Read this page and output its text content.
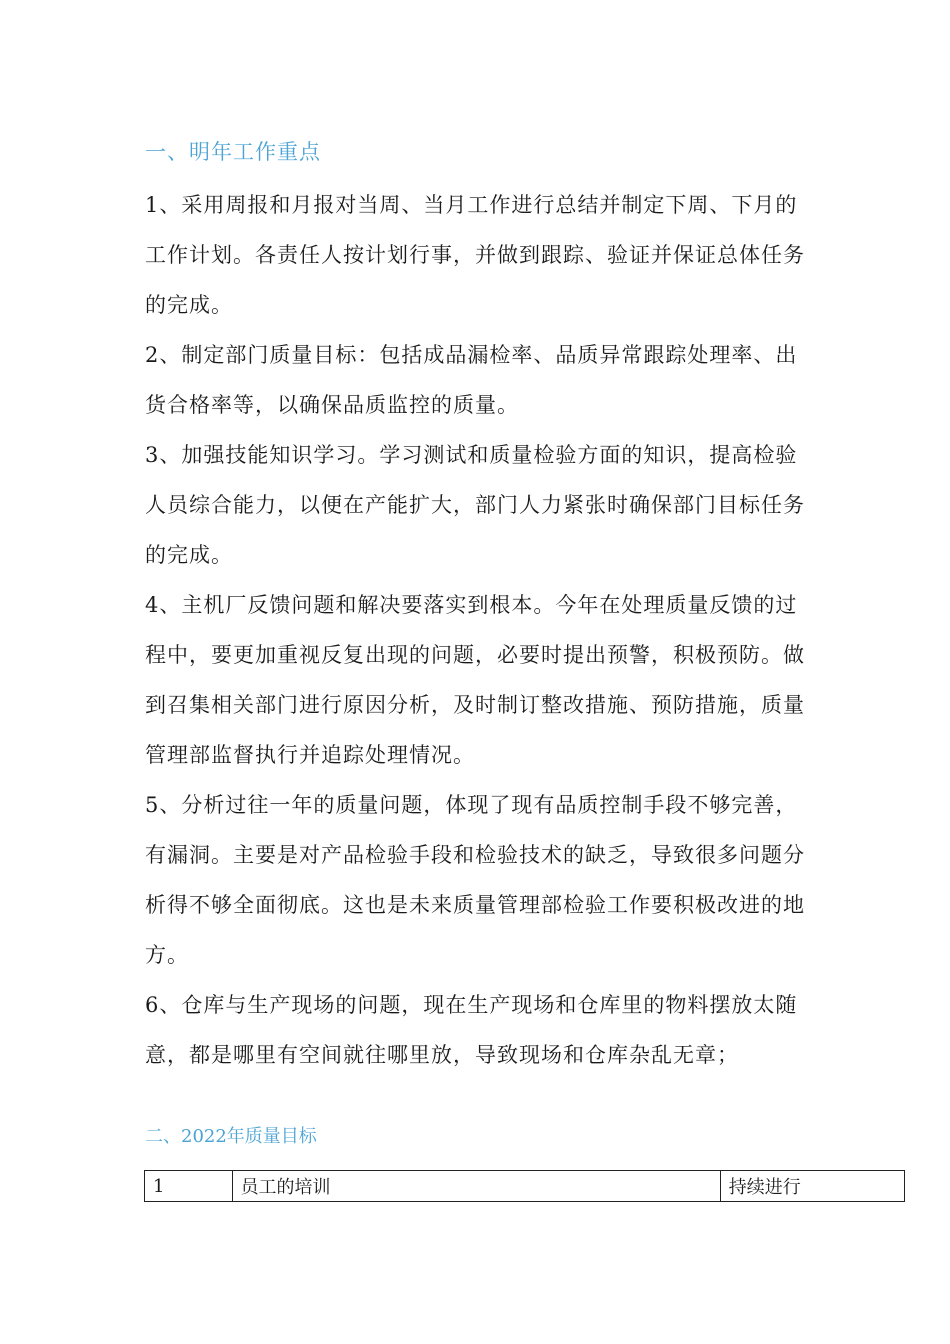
一、明年工作重点

1、采用周报和月报对当周、当月工作进行总结并制定下周、下月的工作计划。各责任人按计划行事，并做到跟踪、验证并保证总体任务的完成。

2、制定部门质量目标：包括成品漏检率、品质异常跟踪处理率、出货合格率等，以确保品质监控的质量。

3、加强技能知识学习。学习测试和质量检验方面的知识，提高检验人员综合能力，以便在产能扩大，部门人力紧张时确保部门目标任务的完成。

4、主机厂反馈问题和解决要落实到根本。今年在处理质量反馈的过程中，要更加重视反复出现的问题，必要时提出预警，积极预防。做到召集相关部门进行原因分析，及时制订整改措施、预防措施，质量管理部监督执行并追踪处理情况。

5、分析过往一年的质量问题，体现了现有品质控制手段不够完善，有漏洞。主要是对产品检验手段和检验技术的缺乏，导致很多问题分析得不够全面彻底。这也是未来质量管理部检验工作要积极改进的地方。

6、仓库与生产现场的问题，现在生产现场和仓库里的物料摆放太随意，都是哪里有空间就往哪里放，导致现场和仓库杂乱无章；

二、2022年质量目标
1	员工的培训	持续进行
